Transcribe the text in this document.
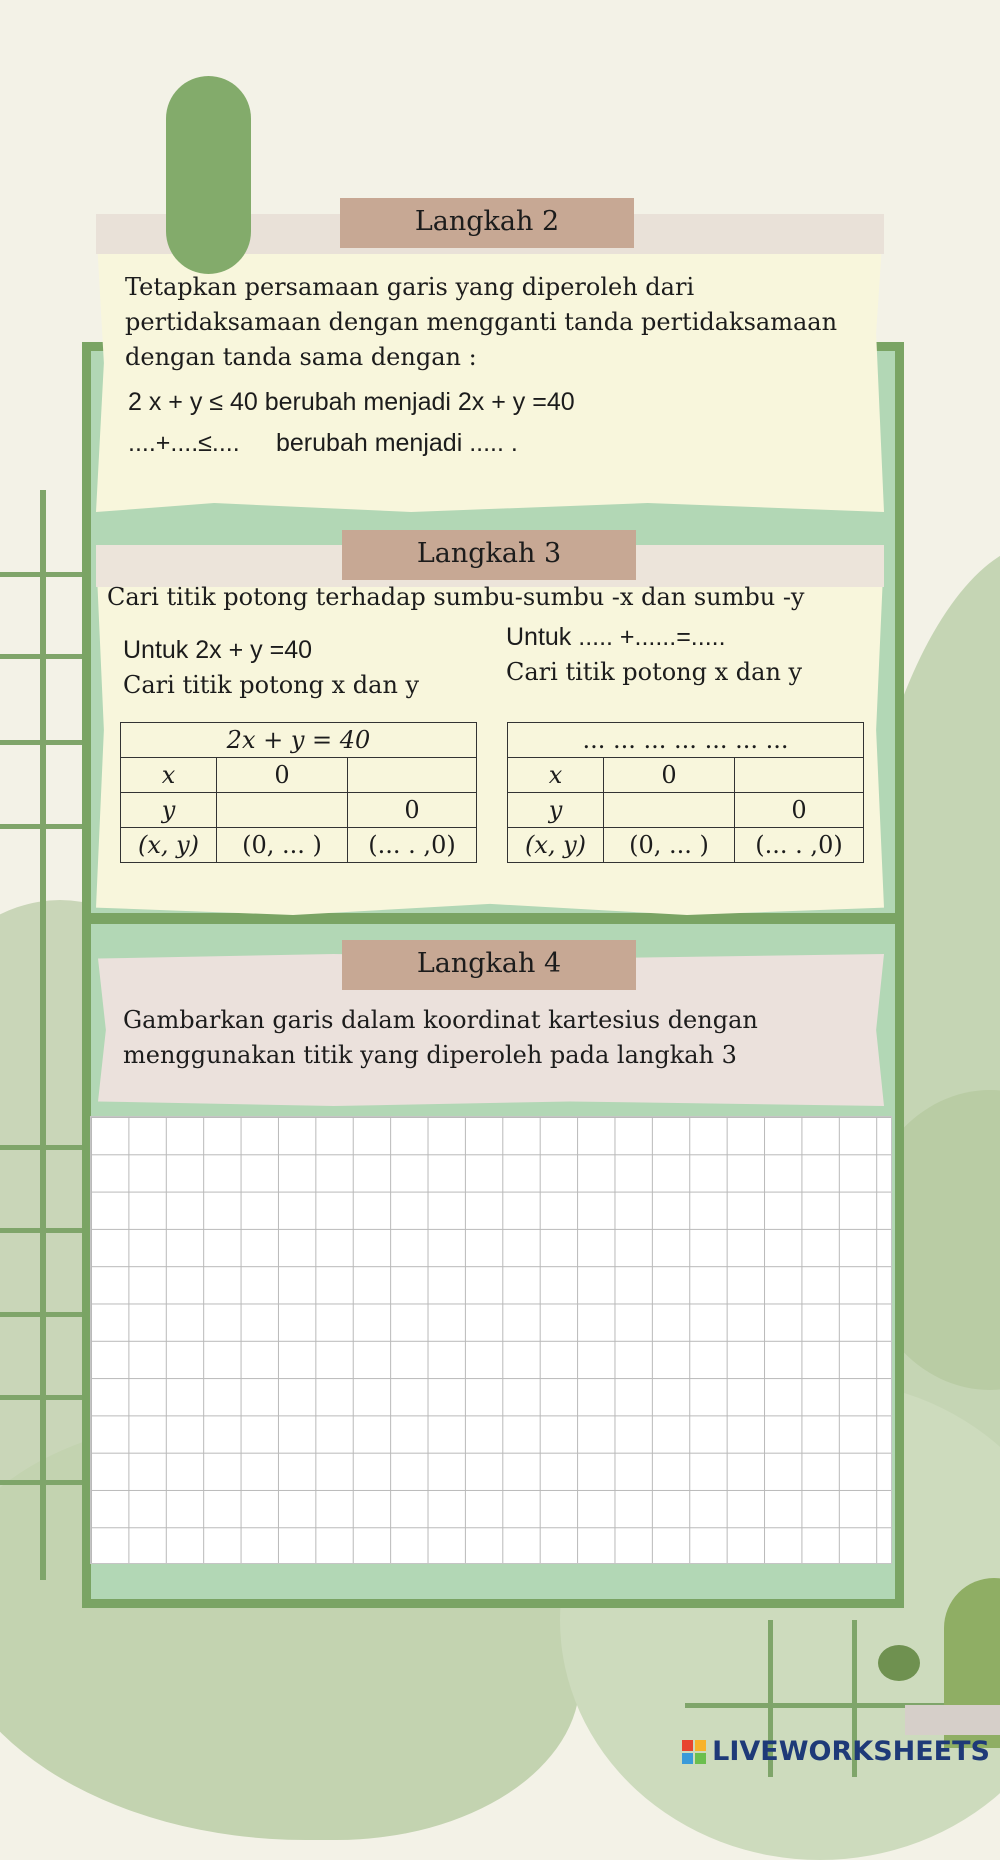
Langkah 2
Tetapkan persamaan garis yang diperoleh dari
pertidaksamaan dengan mengganti tanda pertidaksamaan
dengan tanda sama dengan :
2 x + y ≤ 40 berubah menjadi 2x + y =40
....+....≤.... berubah menjadi ..... .
Langkah 3
Cari titik potong terhadap sumbu-sumbu -x dan sumbu -y
Untuk 2x + y =40
Cari titik potong x dan y
Untuk ..... +......=.....
Cari titik potong x dan y
2x + y = 40		
x	0	
y		0
(x, y)	(0, ... )	(... . ,0)
... ... ... ... ... ... ...		
x	0	
y		0
(x, y)	(0, ... )	(... . ,0)
Langkah 4
Gambarkan garis dalam koordinat kartesius dengan
menggunakan titik yang diperoleh pada langkah 3
LIVEWORKSHEETS
